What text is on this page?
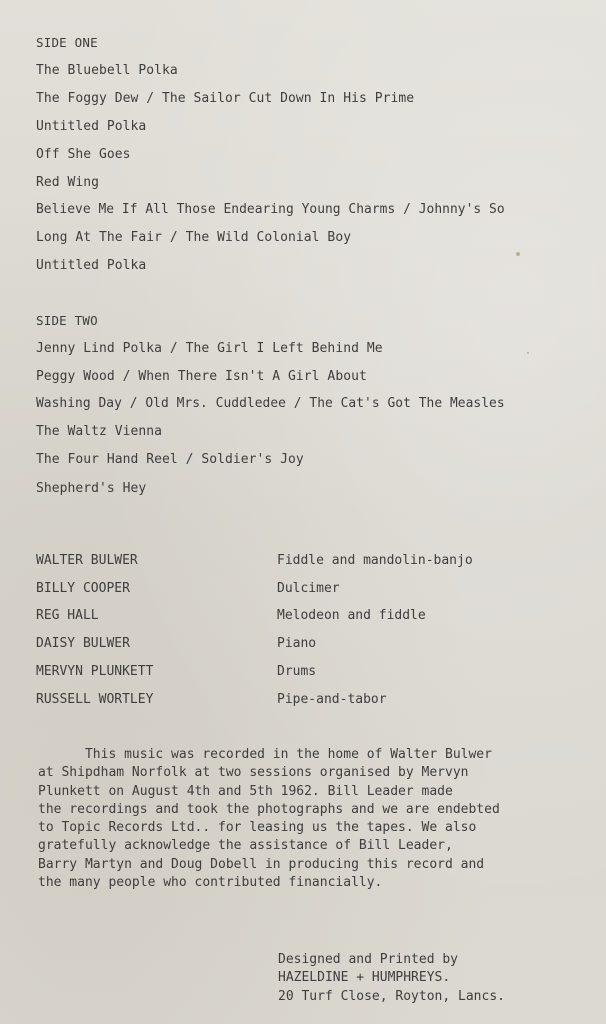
SIDE ONE
The Bluebell Polka
The Foggy Dew / The Sailor Cut Down In His Prime
Untitled Polka
Off She Goes
Red Wing
Believe Me If All Those Endearing Young Charms / Johnny's So
Long At The Fair / The Wild Colonial Boy
Untitled Polka
SIDE TWO
Jenny Lind Polka / The Girl I Left Behind Me
Peggy Wood / When There Isn't A Girl About
Washing Day / Old Mrs. Cuddledee / The Cat's Got The Measles
The Waltz Vienna
The Four Hand Reel / Soldier's Joy
Shepherd's Hey
WALTER BULWER	Fiddle and mandolin-banjo
BILLY COOPER	Dulcimer
REG HALL	Melodeon and fiddle
DAISY BULWER	Piano
MERVYN PLUNKETT	Drums
RUSSELL WORTLEY	Pipe-and-tabor
This music was recorded in the home of Walter Bulwer
at Shipdham Norfolk at two sessions organised by Mervyn
Plunkett on August 4th and 5th 1962. Bill Leader made
the recordings and took the photographs and we are endebted
to Topic Records Ltd.. for leasing us the tapes. We also
gratefully acknowledge the assistance of Bill Leader,
Barry Martyn and Doug Dobell in producing this record and
the many people who contributed financially.
Designed and Printed by
HAZELDINE + HUMPHREYS.
20 Turf Close, Royton, Lancs.
